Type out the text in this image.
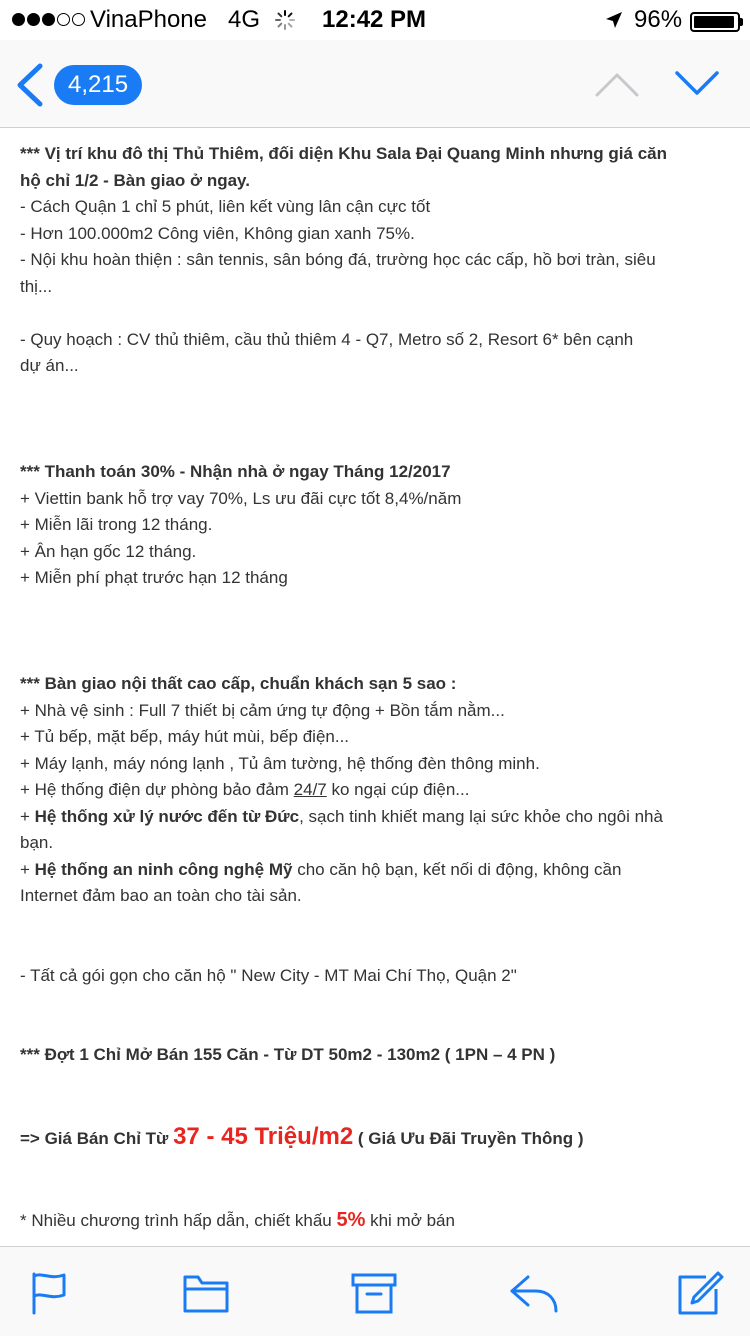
VinaPhone 4G	12:42 PM	96%
4,215
*** Vị trí khu đô thị Thủ Thiêm, đối diện Khu Sala Đại Quang Minh nhưng giá căn
hộ chỉ 1/2 - Bàn giao ở ngay.
- Cách Quận 1 chỉ 5 phút, liên kết vùng lân cận cực tốt
- Hơn 100.000m2 Công viên, Không gian xanh 75%.
- Nội khu hoàn thiện : sân tennis, sân bóng đá, trường học các cấp, hồ bơi tràn, siêu
thị...
- Quy hoạch : CV thủ thiêm, cầu thủ thiêm 4 - Q7, Metro số 2, Resort 6* bên cạnh
dự án...
*** Thanh toán 30% - Nhận nhà ở ngay Tháng 12/2017
+ Viettin bank hỗ trợ vay 70%, Ls ưu đãi cực tốt 8,4%/năm
+ Miễn lãi trong 12 tháng.
+ Ân hạn gốc 12 tháng.
+ Miễn phí phạt trước hạn 12 tháng
*** Bàn giao nội thất cao cấp, chuẩn khách sạn 5 sao :
+ Nhà vệ sinh : Full 7 thiết bị cảm ứng tự động + Bồn tắm nằm...
+ Tủ bếp, mặt bếp, máy hút mùi, bếp điện...
+ Máy lạnh, máy nóng lạnh , Tủ âm tường, hệ thống đèn thông minh.
+ Hệ thống điện dự phòng bảo đảm 24/7 ko ngại cúp điện...
+ Hệ thống xử lý nước đến từ Đức, sạch tinh khiết mang lại sức khỏe cho ngôi nhà
bạn.
+ Hệ thống an ninh công nghệ Mỹ cho căn hộ bạn, kết nối di động, không cần
Internet đảm bao an toàn cho tài sản.
- Tất cả gói gọn cho căn hộ " New City - MT Mai Chí Thọ, Quận 2"
*** Đợt 1 Chỉ Mở Bán 155 Căn - Từ DT 50m2 - 130m2 ( 1PN – 4 PN )
=> Giá Bán Chỉ Từ 37 - 45 Triệu/m2 ( Giá Ưu Đãi Truyền Thông )
* Nhiều chương trình hấp dẫn, chiết khấu 5% khi mở bán
